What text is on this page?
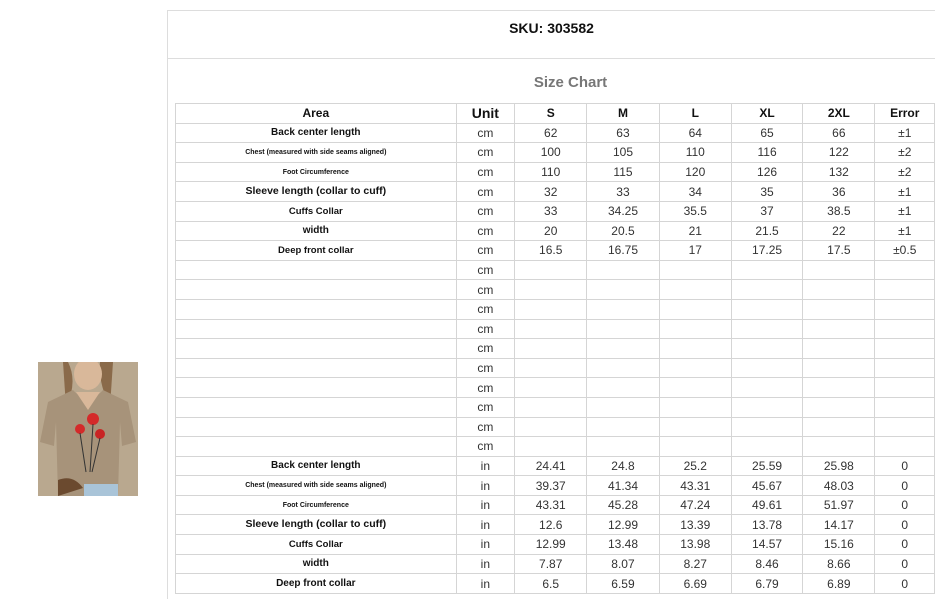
SKU: 303582
Size Chart
Area	Unit	S	M	L	XL	2XL	Error
Back center length	cm	62	63	64	65	66	±1
Chest (measured with side seams aligned)	cm	100	105	110	116	122	±2
Foot Circumference	cm	110	115	120	126	132	±2
Sleeve length (collar to cuff)	cm	32	33	34	35	36	±1
Cuffs Collar	cm	33	34.25	35.5	37	38.5	±1
width	cm	20	20.5	21	21.5	22	±1
Deep front collar	cm	16.5	16.75	17	17.25	17.5	±0.5
	cm						
	cm						
	cm						
	cm						
	cm						
	cm						
	cm						
	cm						
	cm						
	cm						
Back center length	in	24.41	24.8	25.2	25.59	25.98	0
Chest (measured with side seams aligned)	in	39.37	41.34	43.31	45.67	48.03	0
Foot Circumference	in	43.31	45.28	47.24	49.61	51.97	0
Sleeve length (collar to cuff)	in	12.6	12.99	13.39	13.78	14.17	0
Cuffs Collar	in	12.99	13.48	13.98	14.57	15.16	0
width	in	7.87	8.07	8.27	8.46	8.66	0
Deep front collar	in	6.5	6.59	6.69	6.79	6.89	0
